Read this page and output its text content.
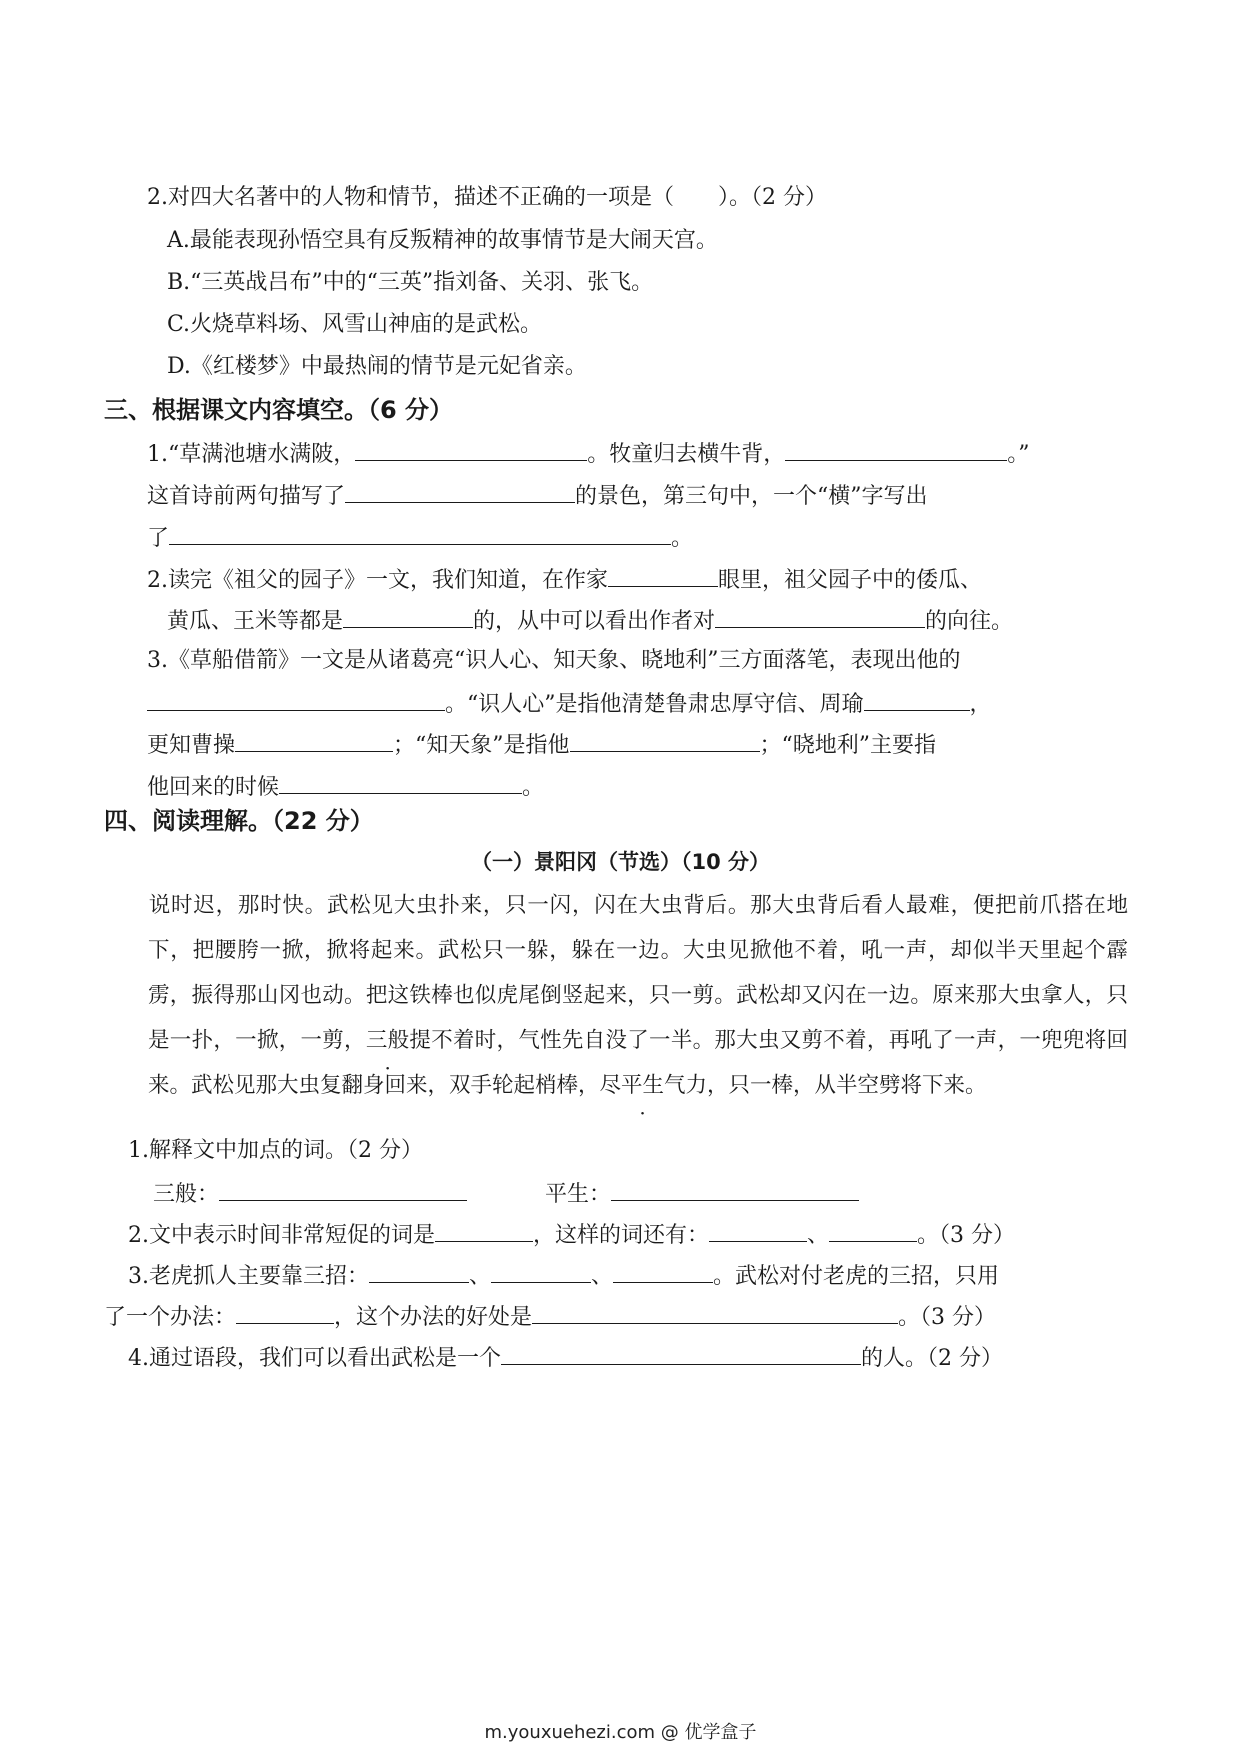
2.对四大名著中的人物和情节，描述不正确的一项是（　　）。（2 分）
A.最能表现孙悟空具有反叛精神的故事情节是大闹天宫。
B.“三英战吕布”中的“三英”指刘备、关羽、张飞。
C.火烧草料场、风雪山神庙的是武松。
D.《红楼梦》中最热闹的情节是元妃省亲。
三、根据课文内容填空。（6 分）
1.“草满池塘水满陂，	。牧童归去横牛背，	。”
这首诗前两句描写了	的景色，第三句中，一个“横”字写出
了	。
2.读完《祖父的园子》一文，我们知道，在作家	眼里，祖父园子中的倭瓜、
黄瓜、王米等都是	的，从中可以看出作者对	的向往。
3.《草船借箭》一文是从诸葛亮“识人心、知天象、晓地利”三方面落笔，表现出他的
。“识人心”是指他清楚鲁肃忠厚守信、周瑜	，
更知曹操	；“知天象”是指他	；“晓地利”主要指
他回来的时候	。
四、阅读理解。（22 分）
（一）景阳冈（节选）（10 分）
说时迟，那时快。武松见大虫扑来，只一闪，闪在大虫背后。那大虫背后看人最难，便把前爪搭在地下，把腰胯一掀，掀将起来。武松只一躲，躲在一边。大虫见掀他不着，吼一声，却似半天里起个霹雳，振得那山冈也动。把这铁棒也似虎尾倒竖起来，只一剪。武松却又闪在一边。原来那大虫拿人，只是一扑，一掀，一剪，三般提不着时，气性先自没了一半。那大虫又剪不着，再吼了一声，一兜兜将回来。武松见那大虫复翻身回来，双手轮起梢棒，尽平生气力，只一棒，从半空劈将下来。
1.解释文中加点的词。（2 分）
三般：	平生：
2.文中表示时间非常短促的词是	，这样的词还有：	、	。（3 分）
3.老虎抓人主要靠三招：	、	、	。武松对付老虎的三招，只用
了一个办法：	，这个办法的好处是	。（3 分）
4.通过语段，我们可以看出武松是一个	的人。（2 分）
m.youxuehezi.com @ 优学盒子
